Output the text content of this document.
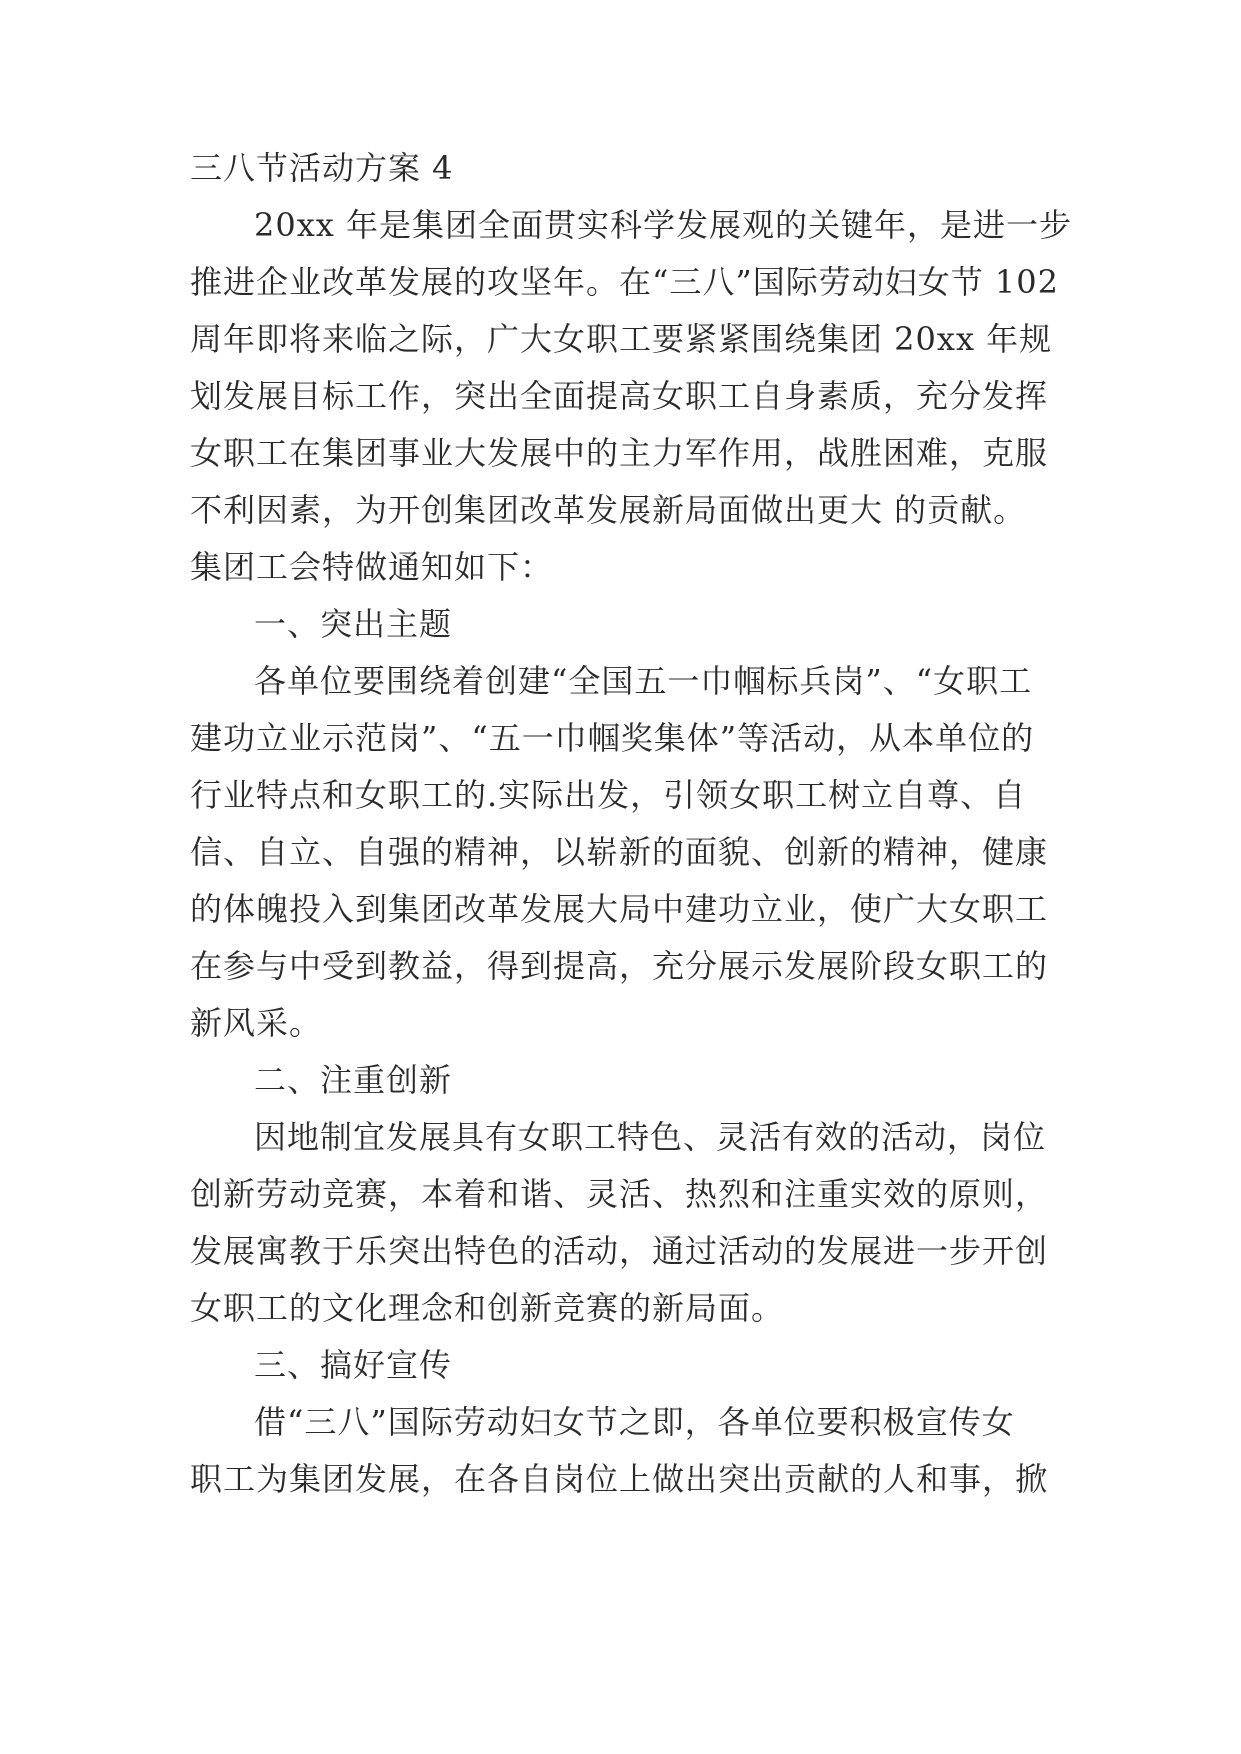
三八节活动方案 4
20xx 年是集团全面贯实科学发展观的关键年，是进一步
推进企业改革发展的攻坚年。在“三八”国际劳动妇女节 102
周年即将来临之际，广大女职工要紧紧围绕集团 20xx 年规
划发展目标工作，突出全面提高女职工自身素质，充分发挥
女职工在集团事业大发展中的主力军作用，战胜困难，克服
不利因素，为开创集团改革发展新局面做出更大 的贡献。
集团工会特做通知如下：
一、突出主题
各单位要围绕着创建“全国五一巾帼标兵岗”、“女职工
建功立业示范岗”、“五一巾帼奖集体”等活动，从本单位的
行业特点和女职工的.实际出发，引领女职工树立自尊、自
信、自立、自强的精神，以崭新的面貌、创新的精神，健康
的体魄投入到集团改革发展大局中建功立业，使广大女职工
在参与中受到教益，得到提高，充分展示发展阶段女职工的
新风采。
二、注重创新
因地制宜发展具有女职工特色、灵活有效的活动，岗位
创新劳动竞赛，本着和谐、灵活、热烈和注重实效的原则，
发展寓教于乐突出特色的活动，通过活动的发展进一步开创
女职工的文化理念和创新竞赛的新局面。
三、搞好宣传
借“三八”国际劳动妇女节之即，各单位要积极宣传女
职工为集团发展，在各自岗位上做出突出贡献的人和事，掀
